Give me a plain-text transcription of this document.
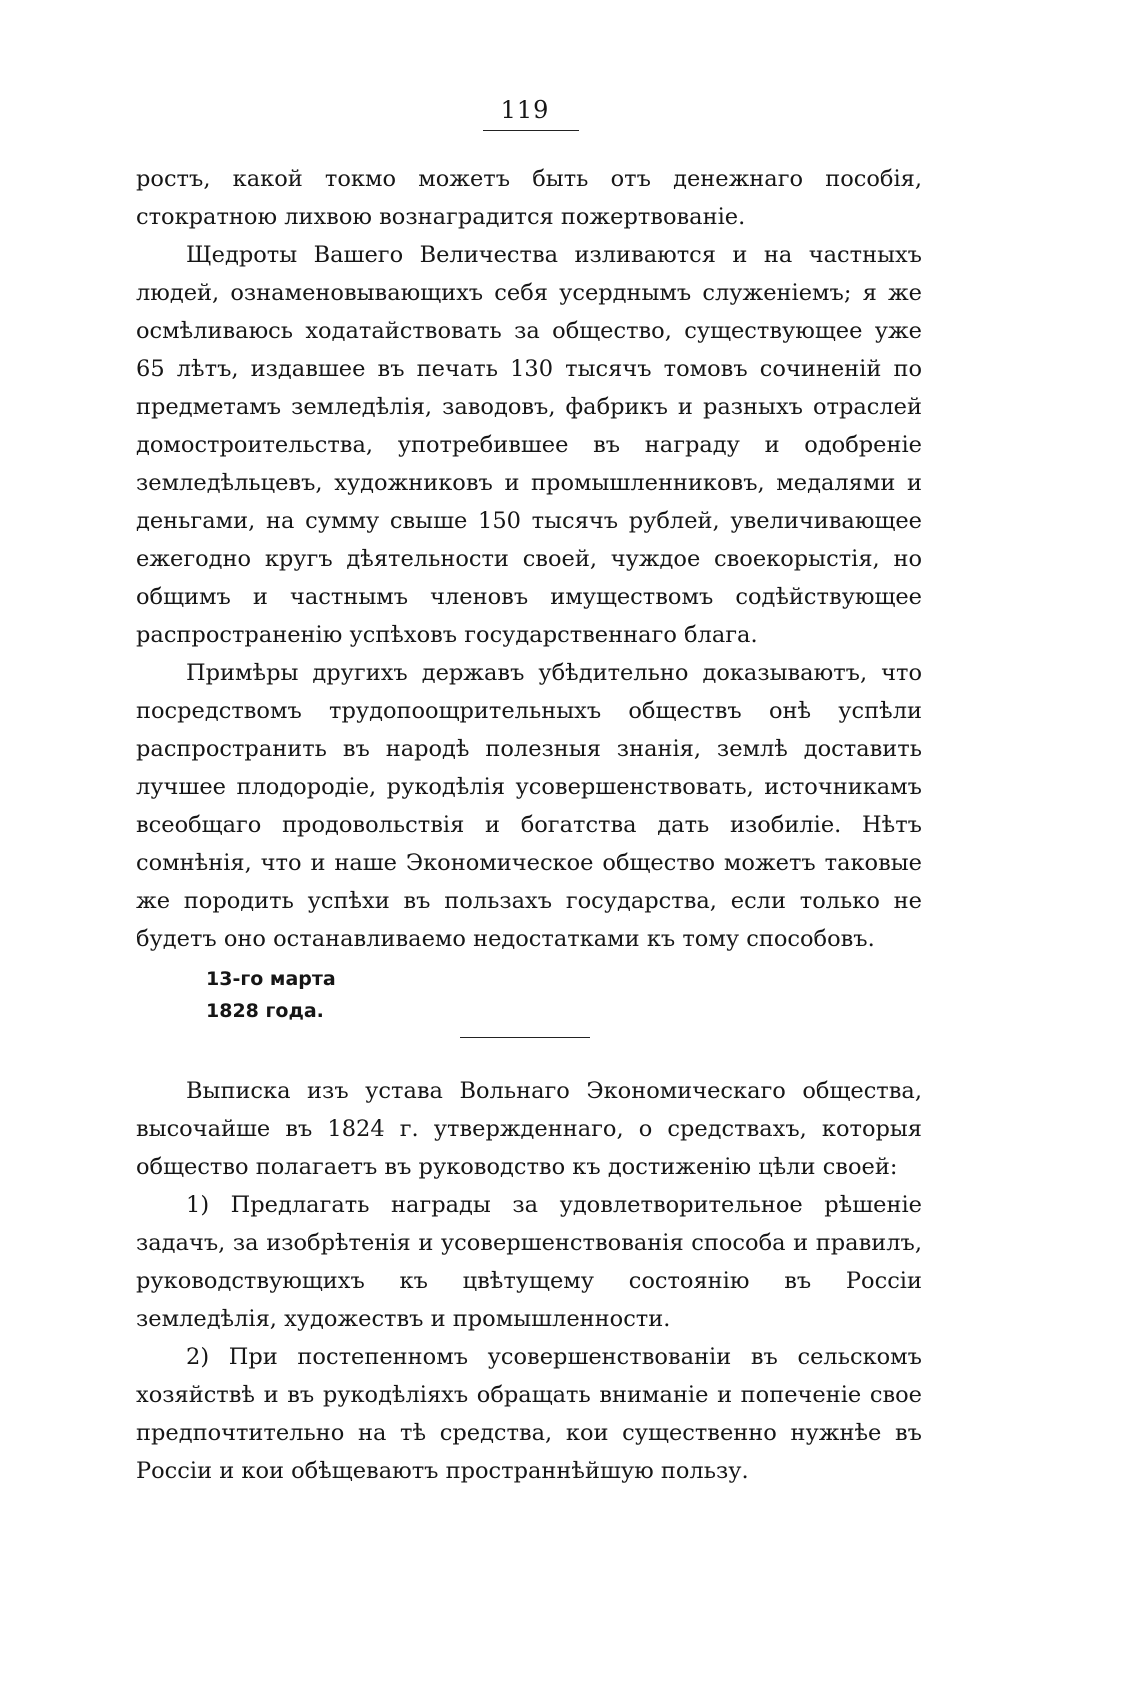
119

ростъ, какой токмо можетъ быть отъ денежнаго пособія, стократною лихвою вознаградится пожертвованіе.

Щедроты Вашего Величества изливаются и на частныхъ людей, ознаменовывающихъ себя усерднымъ служеніемъ; я же осмѣливаюсь ходатайствовать за общество, существующее уже 65 лѣтъ, издавшее въ печать 130 тысячъ томовъ сочиненій по предметамъ земледѣлія, заводовъ, фабрикъ и разныхъ отраслей домостроительства, употребившее въ награду и одобреніе земледѣльцевъ, художниковъ и промышленниковъ, медалями и деньгами, на сумму свыше 150 тысячъ рублей, увеличивающее ежегодно кругъ дѣятельности своей, чуждое своекорыстія, но общимъ и частнымъ членовъ имуществомъ содѣйствующее распространенію успѣховъ государственнаго блага.

Примѣры другихъ державъ убѣдительно доказываютъ, что посредствомъ трудопоощрительныхъ обществъ онѣ успѣли распространить въ народѣ полезныя знанія, землѣ доставить лучшее плодородіе, рукодѣлія усовершенствовать, источникамъ всеобщаго продовольствія и богатства дать изобиліе. Нѣтъ сомнѣнія, что и наше Экономическое общество можетъ таковые же породить успѣхи въ пользахъ государства, если только не будетъ оно останавливаемо недостатками къ тому способовъ.

13-го марта
1828 года.

Выписка изъ устава Вольнаго Экономическаго общества, высочайше въ 1824 г. утвержденнаго, о средствахъ, которыя общество полагаетъ въ руководство къ достиженію цѣли своей:

1) Предлагать награды за удовлетворительное рѣшеніе задачъ, за изобрѣтенія и усовершенствованія способа и правилъ, руководствующихъ къ цвѣтущему состоянію въ Россіи земледѣлія, художествъ и промышленности.

2) При постепенномъ усовершенствованіи въ сельскомъ хозяйствѣ и въ рукодѣліяхъ обращать вниманіе и попеченіе свое предпочтительно на тѣ средства, кои существенно нужнѣе въ Россіи и кои обѣщеваютъ пространнѣйшую пользу.
